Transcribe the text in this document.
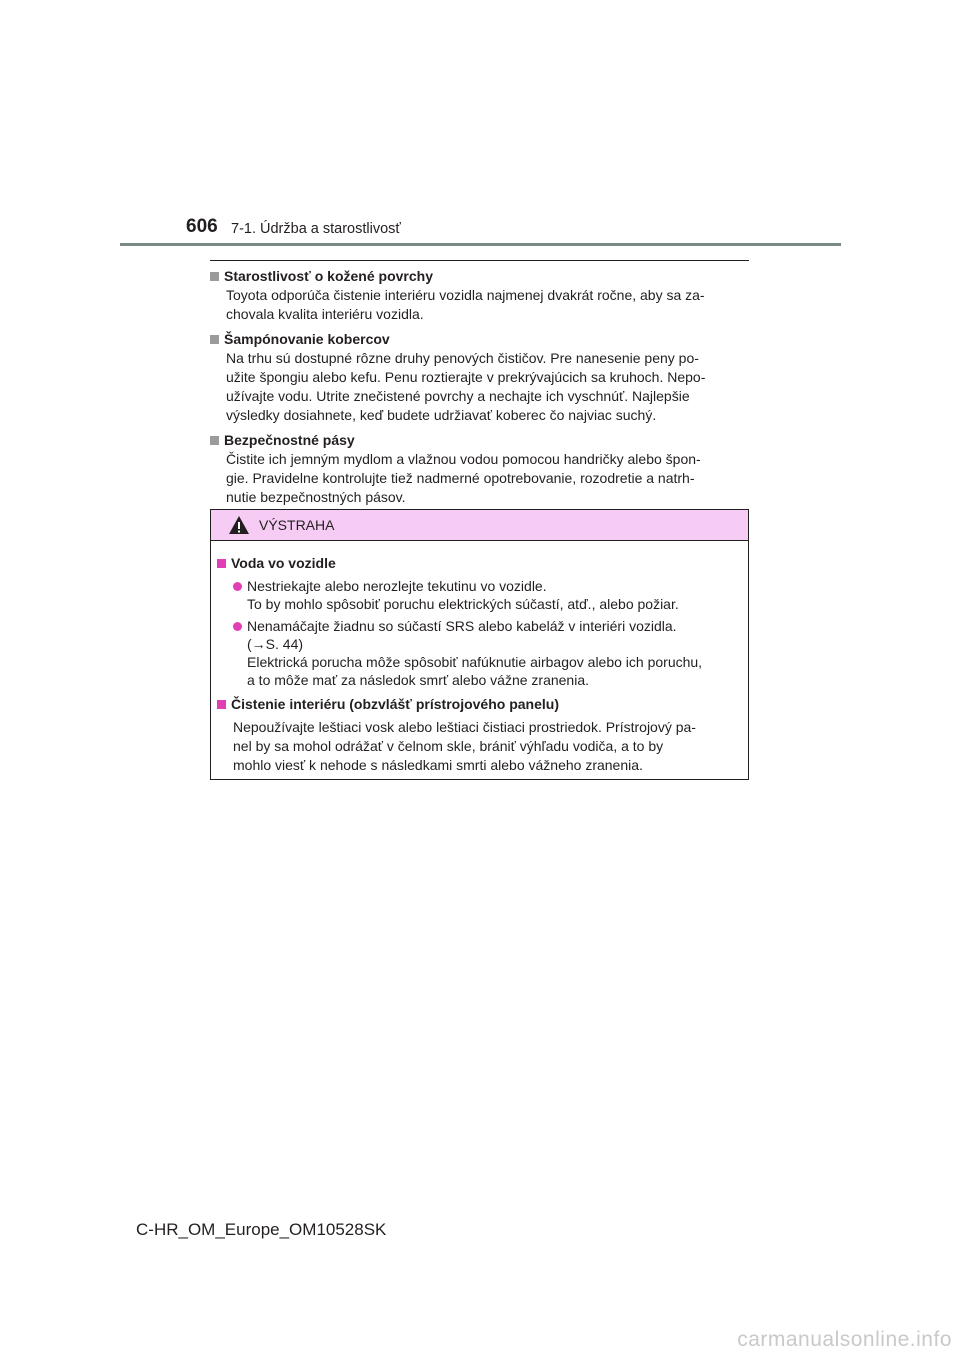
606 7-1. Údržba a starostlivosť
Starostlivosť o kožené povrchy
Toyota odporúča čistenie interiéru vozidla najmenej dvakrát ročne, aby sa za-
chovala kvalita interiéru vozidla.
Šampónovanie kobercov
Na trhu sú dostupné rôzne druhy penových čističov. Pre nanesenie peny po-
užite špongiu alebo kefu. Penu roztierajte v prekrývajúcich sa kruhoch. Nepo-
užívajte vodu. Utrite znečistené povrchy a nechajte ich vyschnúť. Najlepšie
výsledky dosiahnete, keď budete udržiavať koberec čo najviac suchý.
Bezpečnostné pásy
Čistite ich jemným mydlom a vlažnou vodou pomocou handričky alebo špon-
gie. Pravidelne kontrolujte tiež nadmerné opotrebovanie, rozodretie a natrh-
nutie bezpečnostných pásov.
VÝSTRAHA
Voda vo vozidle
Nestriekajte alebo nerozlejte tekutinu vo vozidle.
To by mohlo spôsobiť poruchu elektrických súčastí, atď., alebo požiar.
Nenamáčajte žiadnu so súčastí SRS alebo kabeláž v interiéri vozidla.
(→S. 44)
Elektrická porucha môže spôsobiť nafúknutie airbagov alebo ich poruchu,
a to môže mať za následok smrť alebo vážne zranenia.
Čistenie interiéru (obzvlášť prístrojového panelu)
Nepoužívajte leštiaci vosk alebo leštiaci čistiaci prostriedok. Prístrojový pa-
nel by sa mohol odrážať v čelnom skle, brániť výhľadu vodiča, a to by
mohlo viesť k nehode s následkami smrti alebo vážneho zranenia.
C-HR_OM_Europe_OM10528SK
carmanualsonline.info
